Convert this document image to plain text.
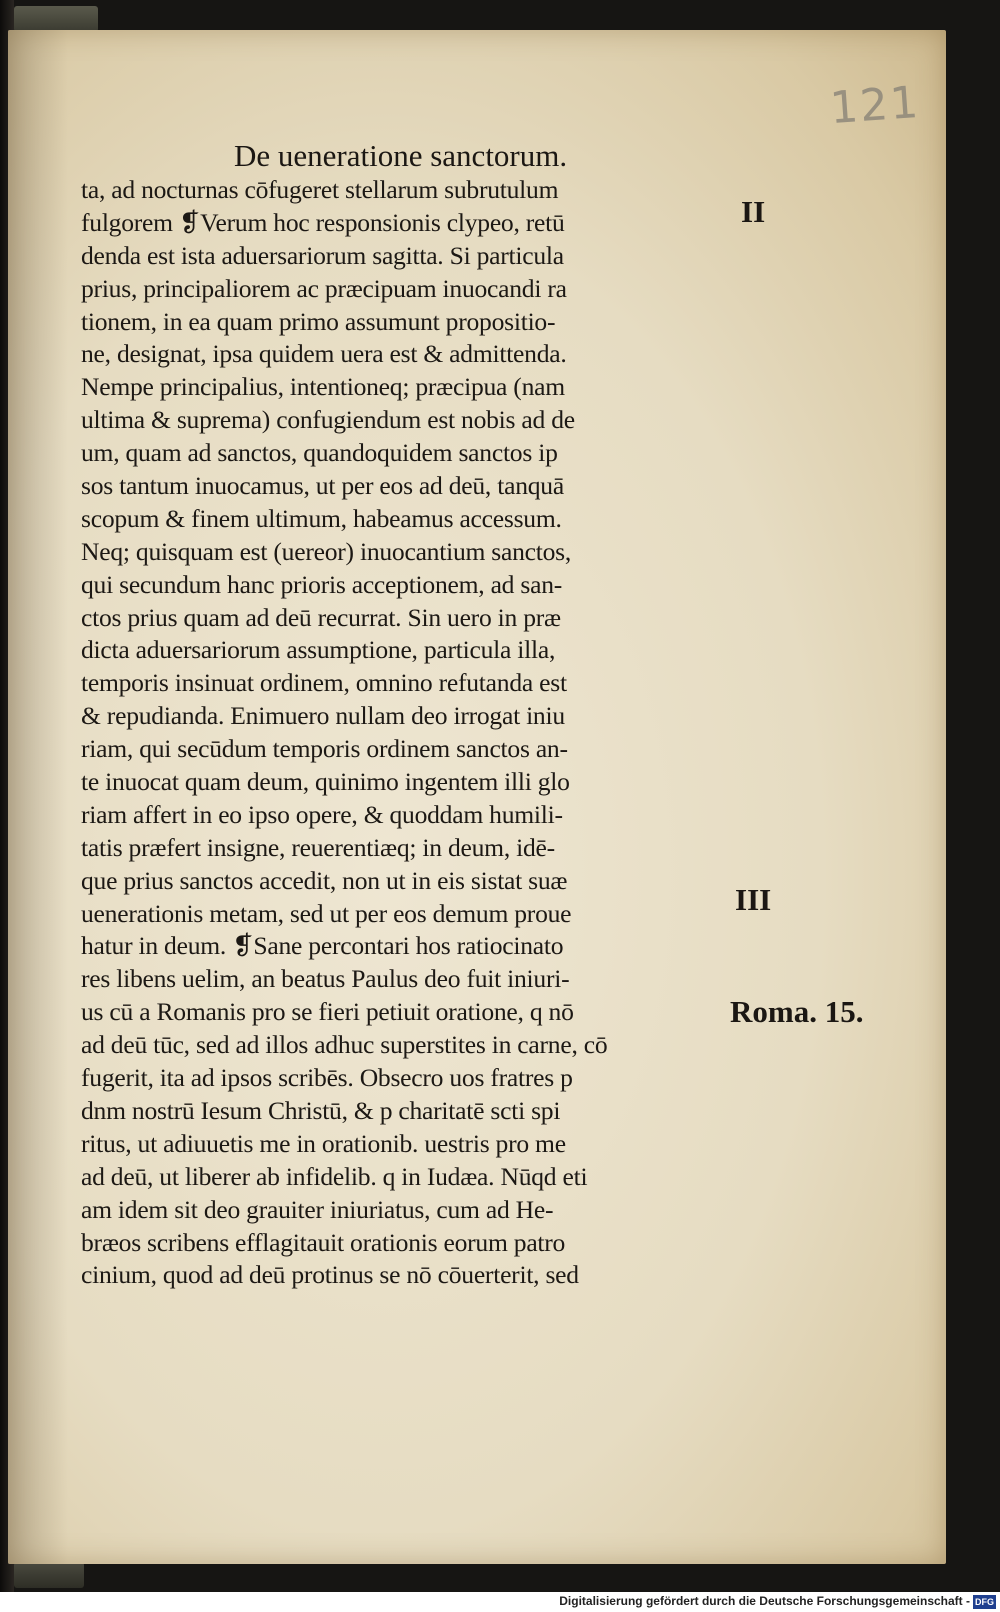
121
De ueneratione sanctorum.
ta, ad nocturnas cōfugeret stellarum subrutulum
fulgorem ❡Verum hoc responsionis clypeo, retū
denda est ista aduersariorum sagitta. Si particula
prius, principaliorem ac præcipuam inuocandi ra
tionem, in ea quam primo assumunt propositio-
ne, designat, ipsa quidem uera est & admittenda.
Nempe principalius, intentioneq; præcipua (nam
ultima & suprema) confugiendum est nobis ad de
um, quam ad sanctos, quandoquidem sanctos ip
sos tantum inuocamus, ut per eos ad deū, tanquā
scopum & finem ultimum, habeamus accessum.
Neq; quisquam est (uereor) inuocantium sanctos,
qui secundum hanc prioris acceptionem, ad san-
ctos prius quam ad deū recurrat. Sin uero in præ
dicta aduersariorum assumptione, particula illa,
temporis insinuat ordinem, omnino refutanda est
& repudianda. Enimuero nullam deo irrogat iniu
riam, qui secūdum temporis ordinem sanctos an-
te inuocat quam deum, quinimo ingentem illi glo
riam affert in eo ipso opere, & quoddam humili-
tatis præfert insigne, reuerentiæq; in deum, idē-
que prius sanctos accedit, non ut in eis sistat suæ
uenerationis metam, sed ut per eos demum proue
hatur in deum. ❡Sane percontari hos ratiocinato
res libens uelim, an beatus Paulus deo fuit iniuri-
us cū a Romanis pro se fieri petiuit oratione, q nō
ad deū tūc, sed ad illos adhuc superstites in carne, cō
fugerit, ita ad ipsos scribēs. Obsecro uos fratres p
dnm nostrū Iesum Christū, & p charitatē scti spi
ritus, ut adiuuetis me in orationib. uestris pro me
ad deū, ut liberer ab infidelib. q in Iudæa. Nūqd eti
am idem sit deo grauiter iniuriatus, cum ad He-
bræos scribens efflagitauit orationis eorum patro
cinium, quod ad deū protinus se nō cōuerterit, sed
II
III
Roma. 15.
Digitalisierung gefördert durch die Deutsche Forschungsgemeinschaft - DFG
